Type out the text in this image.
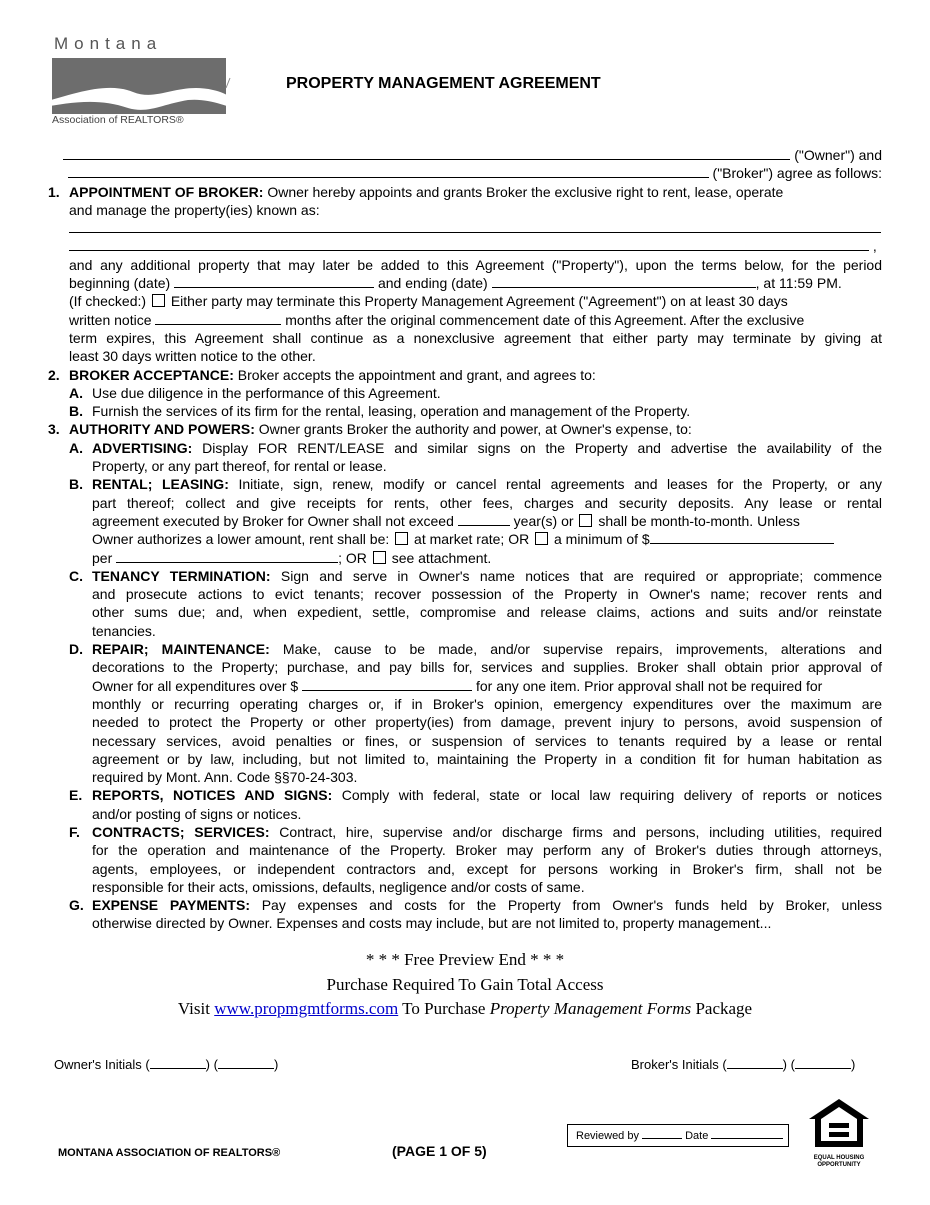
Montana
Association of REALTORS®
PROPERTY MANAGEMENT AGREEMENT
("Owner") and
("Broker") agree as follows:
1. APPOINTMENT OF BROKER: Owner hereby appoints and grants Broker the exclusive right to rent, lease, operate
and manage the property(ies) known as:
,
and any additional property that may later be added to this Agreement ("Property"), upon the terms below, for the period
beginning (date)	and ending (date)	, at 11:59 PM.
(If checked:) Either party may terminate this Property Management Agreement ("Agreement") on at least 30 days
written notice	months after the original commencement date of this Agreement. After the exclusive
term expires, this Agreement shall continue as a nonexclusive agreement that either party may terminate by giving at
least 30 days written notice to the other.
2. BROKER ACCEPTANCE: Broker accepts the appointment and grant, and agrees to:
A. Use due diligence in the performance of this Agreement.
B. Furnish the services of its firm for the rental, leasing, operation and management of the Property.
3. AUTHORITY AND POWERS: Owner grants Broker the authority and power, at Owner's expense, to:
A. ADVERTISING: Display FOR RENT/LEASE and similar signs on the Property and advertise the availability of the
Property, or any part thereof, for rental or lease.
B. RENTAL; LEASING: Initiate, sign, renew, modify or cancel rental agreements and leases for the Property, or any
part thereof; collect and give receipts for rents, other fees, charges and security deposits. Any lease or rental
agreement executed by Broker for Owner shall not exceed	year(s) or shall be month-to-month. Unless
Owner authorizes a lower amount, rent shall be: at market rate; OR a minimum of $
per	; OR see attachment.
C. TENANCY TERMINATION: Sign and serve in Owner's name notices that are required or appropriate; commence
and prosecute actions to evict tenants; recover possession of the Property in Owner's name; recover rents and
other sums due; and, when expedient, settle, compromise and release claims, actions and suits and/or reinstate
tenancies.
D. REPAIR; MAINTENANCE: Make, cause to be made, and/or supervise repairs, improvements, alterations and
decorations to the Property; purchase, and pay bills for, services and supplies. Broker shall obtain prior approval of
Owner for all expenditures over $	for any one item. Prior approval shall not be required for
monthly or recurring operating charges or, if in Broker's opinion, emergency expenditures over the maximum are
needed to protect the Property or other property(ies) from damage, prevent injury to persons, avoid suspension of
necessary services, avoid penalties or fines, or suspension of services to tenants required by a lease or rental
agreement or by law, including, but not limited to, maintaining the Property in a condition fit for human habitation as
required by Mont. Ann. Code §§70-24-303.
E. REPORTS, NOTICES AND SIGNS: Comply with federal, state or local law requiring delivery of reports or notices
and/or posting of signs or notices.
F. CONTRACTS; SERVICES: Contract, hire, supervise and/or discharge firms and persons, including utilities, required
for the operation and maintenance of the Property. Broker may perform any of Broker's duties through attorneys,
agents, employees, or independent contractors and, except for persons working in Broker's firm, shall not be
responsible for their acts, omissions, defaults, negligence and/or costs of same.
G. EXPENSE PAYMENTS: Pay expenses and costs for the Property from Owner's funds held by Broker, unless
otherwise directed by Owner. Expenses and costs may include, but are not limited to, property management...
* * * Free Preview End * * *
Purchase Required To Gain Total Access
Visit www.propmgmtforms.com To Purchase Property Management Forms Package
Owner's Initials (	) (	)	Broker's Initials (	) (	)
MONTANA ASSOCIATION OF REALTORS®	(PAGE 1 OF 5)
Reviewed by	Date
EQUAL HOUSING
OPPORTUNITY
